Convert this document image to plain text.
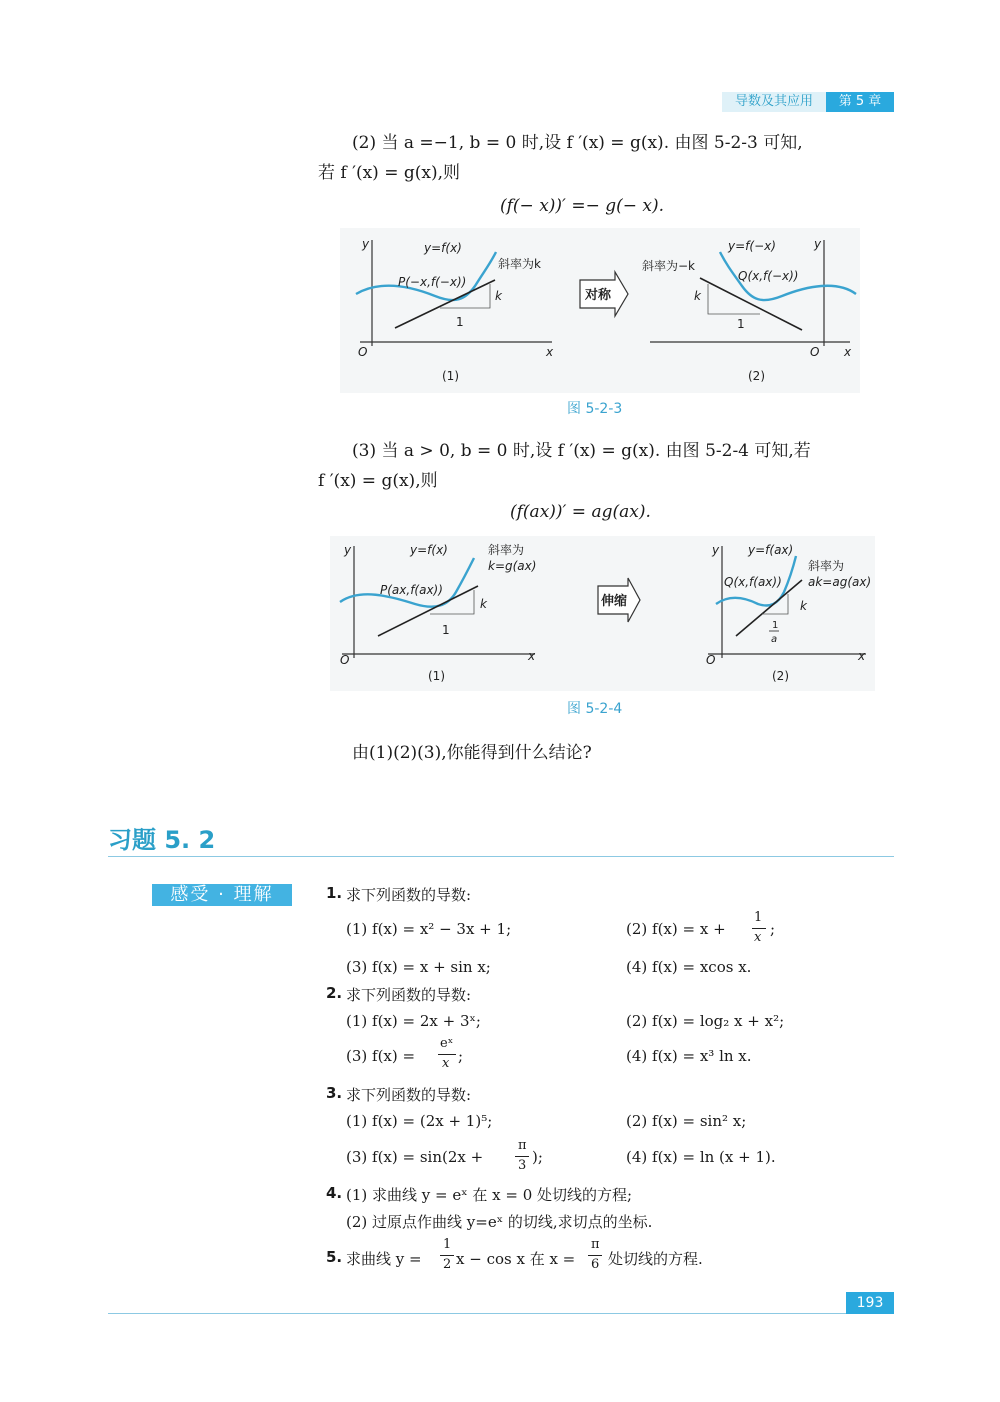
导数及其应用	第 5 章
(2) 当 a =−1, b = 0 时,设 f ′(x) = g(x). 由图 5-2-3 可知,
若 f ′(x) = g(x),则
(f(− x))′ =− g(− x).
y
x
O
y=f(x)
斜率为k
P(−x,f(−x))
k
1
(1)
对称
y
x
O
y=f(−x)
斜率为−k
Q(x,f(−x))
k
1
(2)
图 5-2-3
(3) 当 a > 0, b = 0 时,设 f ′(x) = g(x). 由图 5-2-4 可知,若
f ′(x) = g(x),则
(f(ax))′ = ag(ax).
y
x
O
y=f(x)	斜率为
k=g(ax)
P(ax,f(ax))
k
1
(1)
伸缩
y
x
O
y=f(ax)
斜率为
ak=ag(ax)
Q(x,f(ax))
k
1
a
(2)
图 5-2-4
由(1)(2)(3),你能得到什么结论?
习题 5. 2
感受 · 理解	1. 求下列函数的导数:
(1) f(x) = x² − 3x + 1;	(2) f(x) = x +
1
x ;
(3) f(x) = x + sin x;	(4) f(x) = xcos x.
2. 求下列函数的导数:
(1) f(x) = 2x + 3ˣ;	(2) f(x) = log₂ x + x²;
(3) f(x) =
eˣ
x ;	(4) f(x) = x³ ln x.
3. 求下列函数的导数:
(1) f(x) = (2x + 1)⁵;	(2) f(x) = sin² x;
(3) f(x) = sin(2x +
π
3 );	(4) f(x) = ln (x + 1).
4. (1) 求曲线 y = eˣ 在 x = 0 处切线的方程;
(2) 过原点作曲线 y=eˣ 的切线,求切点的坐标.
5. 求曲线 y =
1
2 x − cos x 在 x =
π
6 处切线的方程.
193
